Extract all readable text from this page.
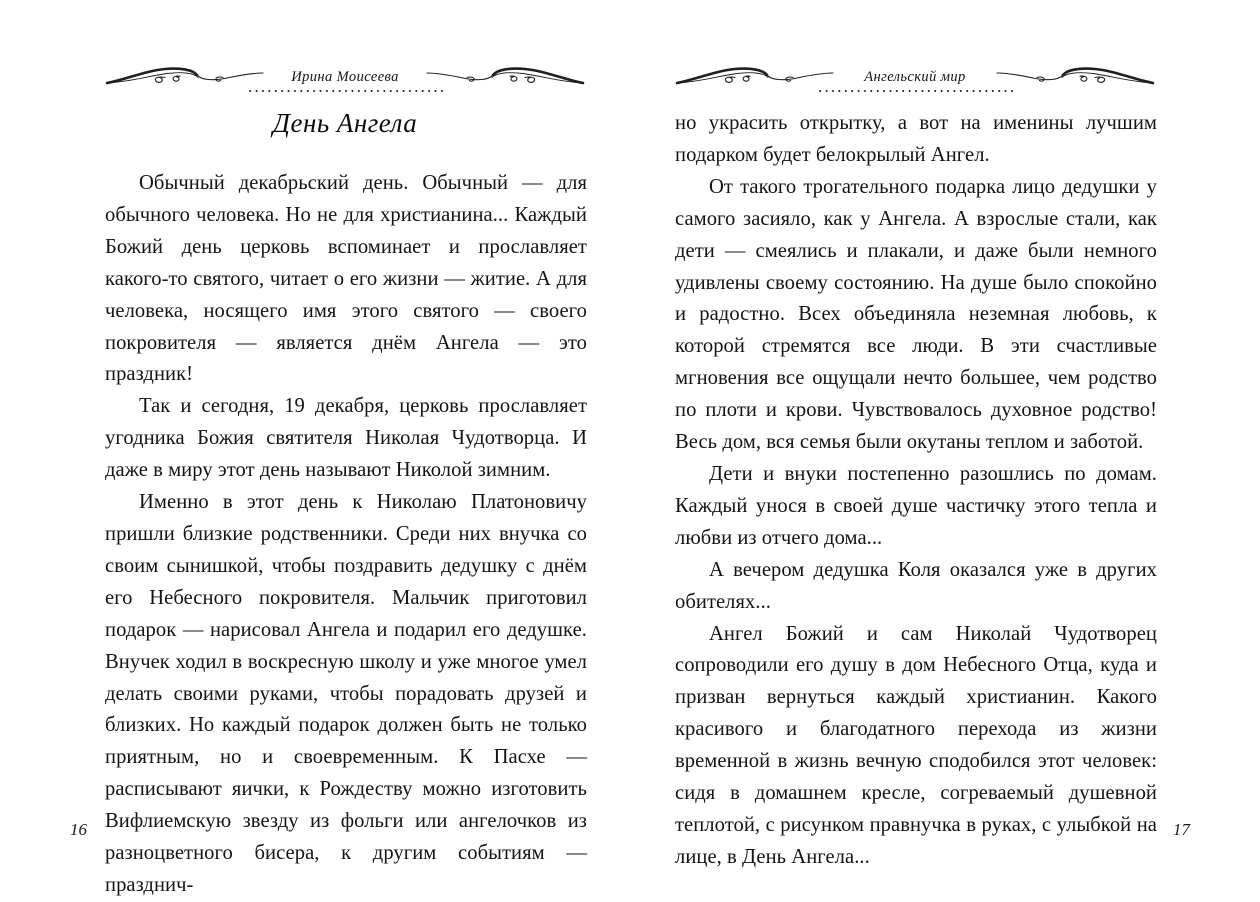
Ирина Моисеева
День Ангела

Обычный декабрьский день. Обычный — для обычного человека. Но не для христианина... Каждый Божий день церковь вспоминает и прославляет какого-то святого, читает о его жизни — житие. А для человека, носящего имя этого святого — своего покровителя — является днём Ангела — это праздник!

Так и сегодня, 19 декабря, церковь прославляет угодника Божия святителя Николая Чудотворца. И даже в миру этот день называют Николой зимним.

Именно в этот день к Николаю Платоновичу пришли близкие родственники. Среди них внучка со своим сынишкой, чтобы поздравить дедушку с днём его Небесного покровителя. Мальчик приготовил подарок — нарисовал Ангела и подарил его дедушке. Внучек ходил в воскресную школу и уже многое умел делать своими руками, чтобы порадовать друзей и близких. Но каждый подарок должен быть не только приятным, но и своевременным. К Пасхе — расписывают яички, к Рождеству можно изготовить Вифлиемскую звезду из фольги или ангелочков из разноцветного бисера, к другим событиям —празднич-

16
Ангельский мир

но украсить открытку, а вот на именины лучшим подарком будет белокрылый Ангел.

От такого трогательного подарка лицо дедушки у самого засияло, как у Ангела. А взрослые стали, как дети — смеялись и плакали, и даже были немного удивлены своему состоянию. На душе было спокойно и радостно. Всех объединяла неземная любовь, к которой стремятся все люди. В эти счастливые мгновения все ощущали нечто большее, чем родство по плоти и крови. Чувствовалось духовное родство! Весь дом, вся семья были окутаны теплом и заботой.

Дети и внуки постепенно разошлись по домам. Каждый унося в своей душе частичку этого тепла и любви из отчего дома...

А вечером дедушка Коля оказался уже в других обителях...

Ангел Божий и сам Николай Чудотворец сопроводили его душу в дом Небесного Отца, куда и призван вернуться каждый христианин. Какого красивого и благодатного перехода из жизни временной в жизнь вечную сподобился этот человек: сидя в домашнем кресле, согреваемый душевной теплотой, с рисунком правнучка в руках, с улыбкой на лице, в День Ангела...

17
